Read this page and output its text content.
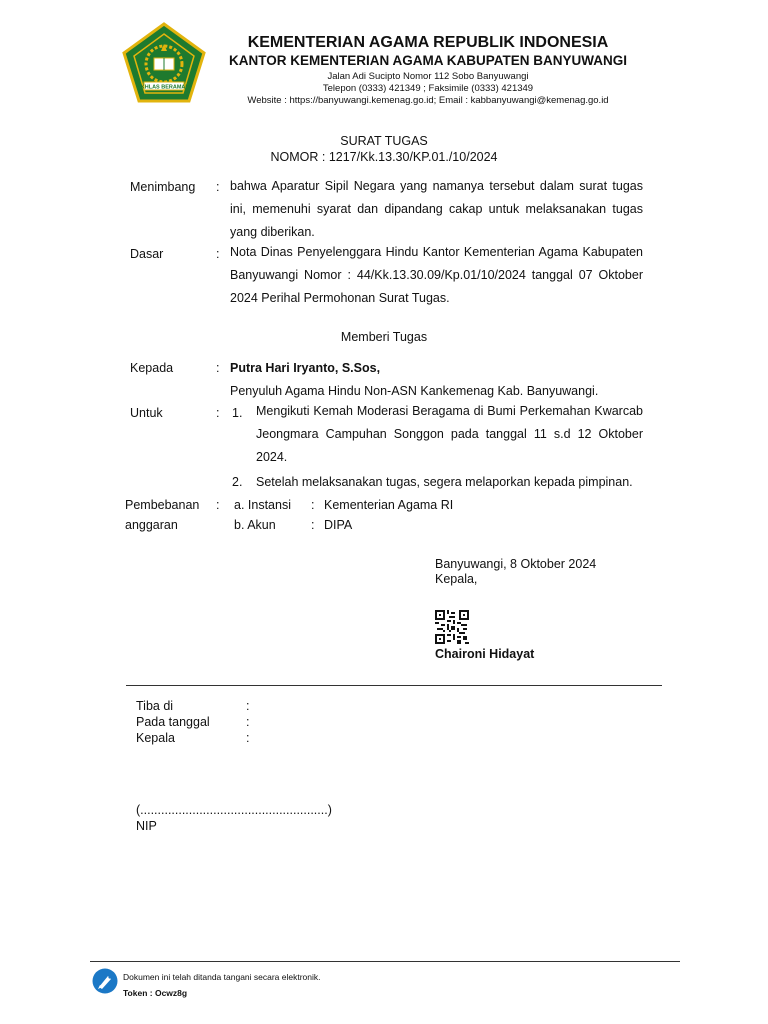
IKHLAS BERAMAL
KEMENTERIAN AGAMA REPUBLIK INDONESIA
KANTOR KEMENTERIAN AGAMA KABUPATEN BANYUWANGI
Jalan Adi Sucipto Nomor 112 Sobo Banyuwangi
Telepon (0333) 421349 ; Faksimile (0333) 421349
Website : https://banyuwangi.kemenag.go.id; Email : kabbanyuwangi@kemenag.go.id
SURAT TUGAS
NOMOR : 1217/Kk.13.30/KP.01./10/2024
Menimbang : bahwa Aparatur Sipil Negara yang namanya tersebut dalam surat tugas ini, memenuhi syarat dan dipandang cakap untuk melaksanakan tugas yang diberikan.
Dasar	: Nota Dinas Penyelenggara Hindu Kantor Kementerian Agama Kabupaten Banyuwangi Nomor : 44/Kk.13.30.09/Kp.01/10/2024 tanggal 07 Oktober 2024 Perihal Permohonan Surat Tugas.
Memberi Tugas
Kepada	: Putra Hari Iryanto, S.Sos,
Penyuluh Agama Hindu Non-ASN Kankemenag Kab. Banyuwangi.
Untuk	: 1. Mengikuti Kemah Moderasi Beragama di Bumi Perkemahan Kwarcab Jeongmara Campuhan Songgon pada tanggal 11 s.d 12 Oktober 2024.
2. Setelah melaksanakan tugas, segera melaporkan kepada pimpinan.
Pembebanan
anggaran
: a. Instansi : Kementerian Agama RI
b. Akun	: DIPA
Banyuwangi, 8 Oktober 2024
Kepala,
Chaironi Hidayat
Tiba di	:
Pada tanggal	:
Kepala	:
(......................................................)
NIP
Dokumen ini telah ditanda tangani secara elektronik.
Token : Ocwz8g
